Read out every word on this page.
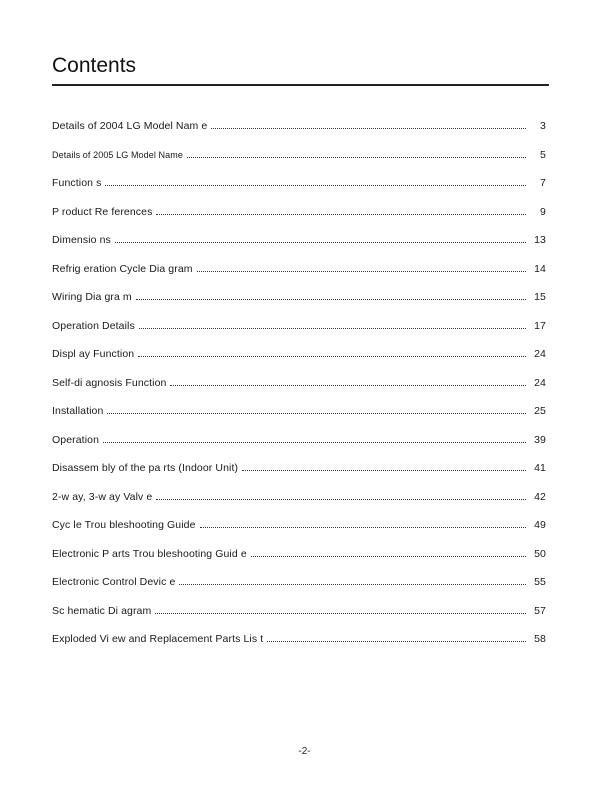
Contents
Details of 2004 LG Model Nam e	3
Details of 2005 LG Model Name	5
Function s	7
P roduct Re ferences	9
Dimensio ns	13
Refrig eration Cycle Dia gram	14
Wiring Dia gra m	15
Operation Details	17
Displ ay Function	24
Self-di agnosis Function	24
Installation	25
Operation	39
Disassem bly of the pa rts (Indoor Unit)	41
2-w ay, 3-w ay Valv e	42
Cyc le Trou bleshooting Guide	49
Electronic P arts Trou bleshooting Guid e	50
Electronic Control Devic e	55
Sc hematic Di agram	57
Exploded Vi ew and Replacement Parts Lis t	58
-2-
